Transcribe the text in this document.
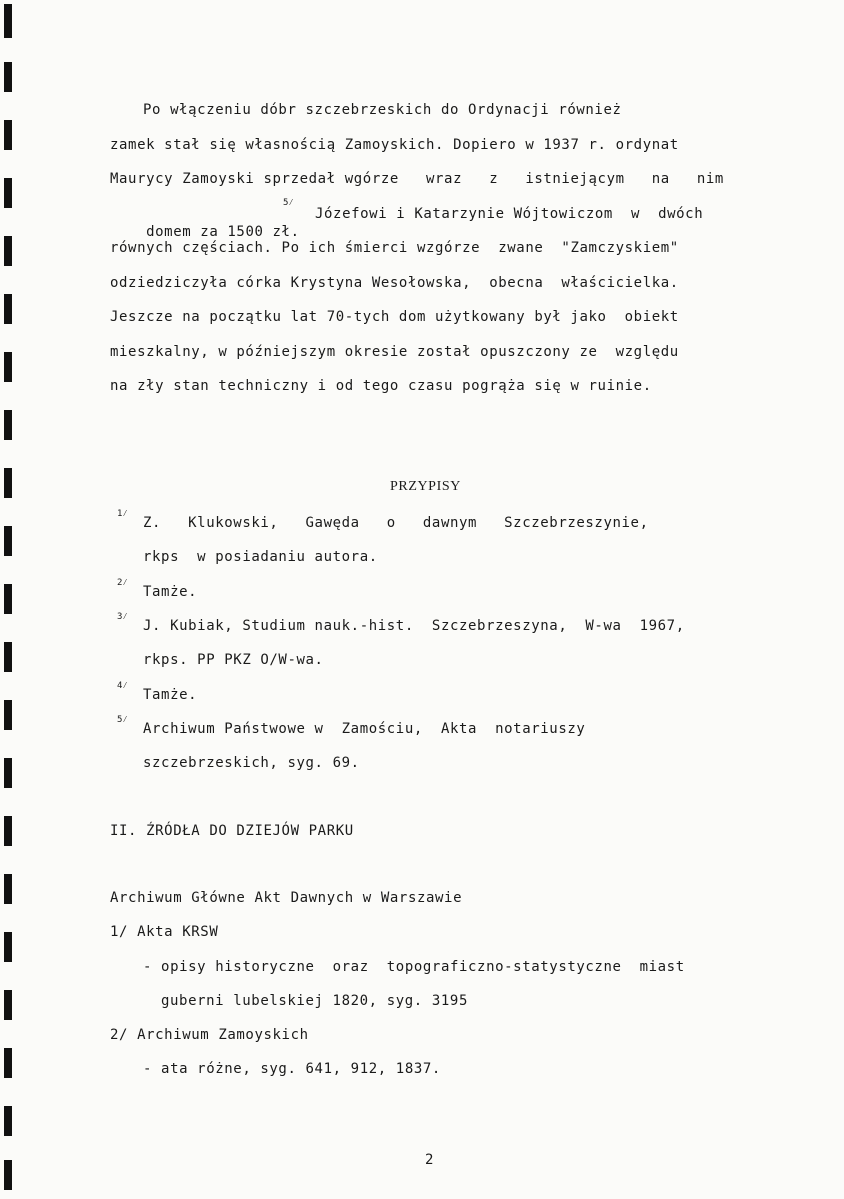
Po włączeniu dóbr szczebrzeskich do Ordynacji również
zamek stał się własnością Zamoyskich. Dopiero w 1937 r. ordynat
Maurycy Zamoyski sprzedał wgórze   wraz   z   istniejącym   na   nim

domem za 1500 zł.

5⁄
Józefowi i Katarzynie Wójtowiczom  w  dwóch
równych częściach. Po ich śmierci wzgórze  zwane  "Zamczyskiem"
odziedziczyła córka Krystyna Wesołowska,  obecna  właścicielka.
Jeszcze na początku lat 70-tych dom użytkowany był jako  obiekt
mieszkalny, w późniejszym okresie został opuszczony ze  względu
na zły stan techniczny i od tego czasu pogrąża się w ruinie.
PRZYPISY
1⁄
Z.   Klukowski,   Gawęda   o   dawnym   Szczebrzeszynie,
rkps  w posiadaniu autora.
2⁄
Tamże.
3⁄
J. Kubiak, Studium nauk.-hist.  Szczebrzeszyna,  W-wa  1967,
rkps. PP PKZ O/W-wa.
4⁄
Tamże.
5⁄
Archiwum Państwowe w  Zamościu,  Akta  notariuszy
szczebrzeskich, syg. 69.
II. ŹRÓDŁA DO DZIEJÓW PARKU
Archiwum Główne Akt Dawnych w Warszawie
1/ Akta KRSW
- opisy historyczne  oraz  topograficzno-statystyczne  miast
guberni lubelskiej 1820, syg. 3195
2/ Archiwum Zamoyskich
- ata różne, syg. 641, 912, 1837.
2
